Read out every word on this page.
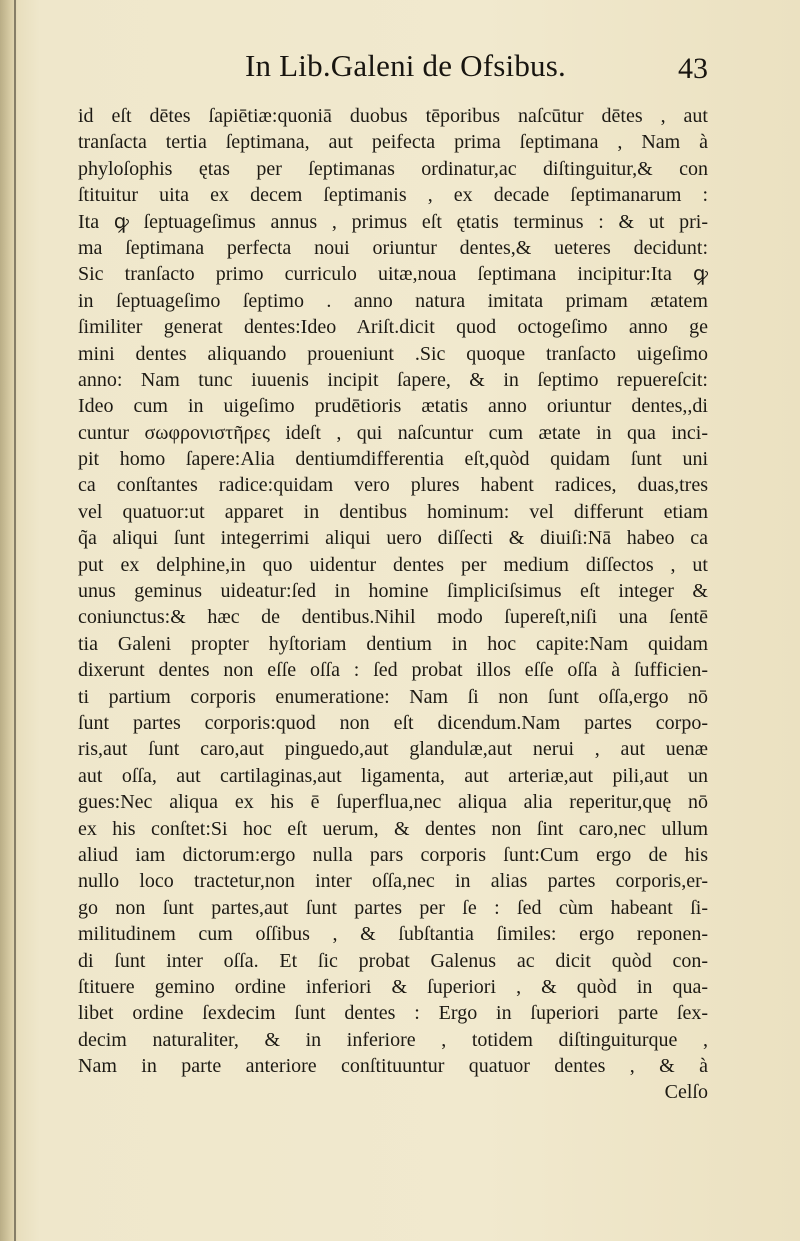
In Lib.Galeni de Ofsibus.	43
id eſt dētes ſapiētiæ:quoniā duobus tēporibus naſcūtur dētes , aut
tranſacta tertia ſeptimana, aut peifecta prima ſeptimana , Nam à
phyloſophis ętas per ſeptimanas ordinatur,ac diſtinguitur,& con
ſtituitur uita ex decem ſeptimanis , ex decade ſeptimanarum :
Ita ꝙ ſeptuageſimus annus , primus eſt ętatis terminus : & ut pri-
ma ſeptimana perfecta noui oriuntur dentes,& ueteres decidunt:
Sic tranſacto primo curriculo uitæ,noua ſeptimana incipitur:Ita ꝙ
in ſeptuageſimo ſeptimo . anno natura imitata primam ætatem
ſimiliter generat dentes:Ideo Ariſt.dicit quod octogeſimo anno ge
mini dentes aliquando proueniunt .Sic quoque tranſacto uigeſimo
anno: Nam tunc iuuenis incipit ſapere, & in ſeptimo repuereſcit:
Ideo cum in uigeſimo prudētioris ætatis anno oriuntur dentes,,di
cuntur σωφρονιστῆρες ideſt , qui naſcuntur cum ætate in qua inci-
pit homo ſapere:Alia dentiumdifferentia eſt,quòd quidam ſunt uni
ca conſtantes radice:quidam vero plures habent radices, duas,tres
vel quatuor:ut apparet in dentibus hominum: vel differunt etiam
q̃a aliqui ſunt integerrimi aliqui uero diſſecti & diuiſi:Nā habeo ca
put ex delphine,in quo uidentur dentes per medium diſſectos , ut
unus geminus uideatur:ſed in homine ſimpliciſsimus eſt integer &
coniunctus:& hæc de dentibus.Nihil modo ſupereſt,niſi una ſentē
tia Galeni propter hyſtoriam dentium in hoc capite:Nam quidam
dixerunt dentes non eſſe oſſa : ſed probat illos eſſe oſſa à ſufficien-
ti partium corporis enumeratione: Nam ſi non ſunt oſſa,ergo nō
ſunt partes corporis:quod non eſt dicendum.Nam partes corpo-
ris,aut ſunt caro,aut pinguedo,aut glandulæ,aut nerui , aut uenæ
aut oſſa, aut cartilaginas,aut ligamenta, aut arteriæ,aut pili,aut un
gues:Nec aliqua ex his ē ſuperflua,nec aliqua alia reperitur,quę nō
ex his conſtet:Si hoc eſt uerum, & dentes non ſint caro,nec ullum
aliud iam dictorum:ergo nulla pars corporis ſunt:Cum ergo de his
nullo loco tractetur,non inter oſſa,nec in alias partes corporis,er-
go non ſunt partes,aut ſunt partes per ſe : ſed cùm habeant ſi-
militudinem cum oſſibus , & ſubſtantia ſimiles: ergo reponen-
di ſunt inter oſſa. Et ſic probat Galenus ac dicit quòd con-
ſtituere gemino ordine inferiori & ſuperiori , & quòd in qua-
libet ordine ſexdecim ſunt dentes : Ergo in ſuperiori parte ſex-
decim naturaliter, & in inferiore , totidem diſtinguiturque ,
Nam in parte anteriore conſtituuntur quatuor dentes , & à
Celſo
